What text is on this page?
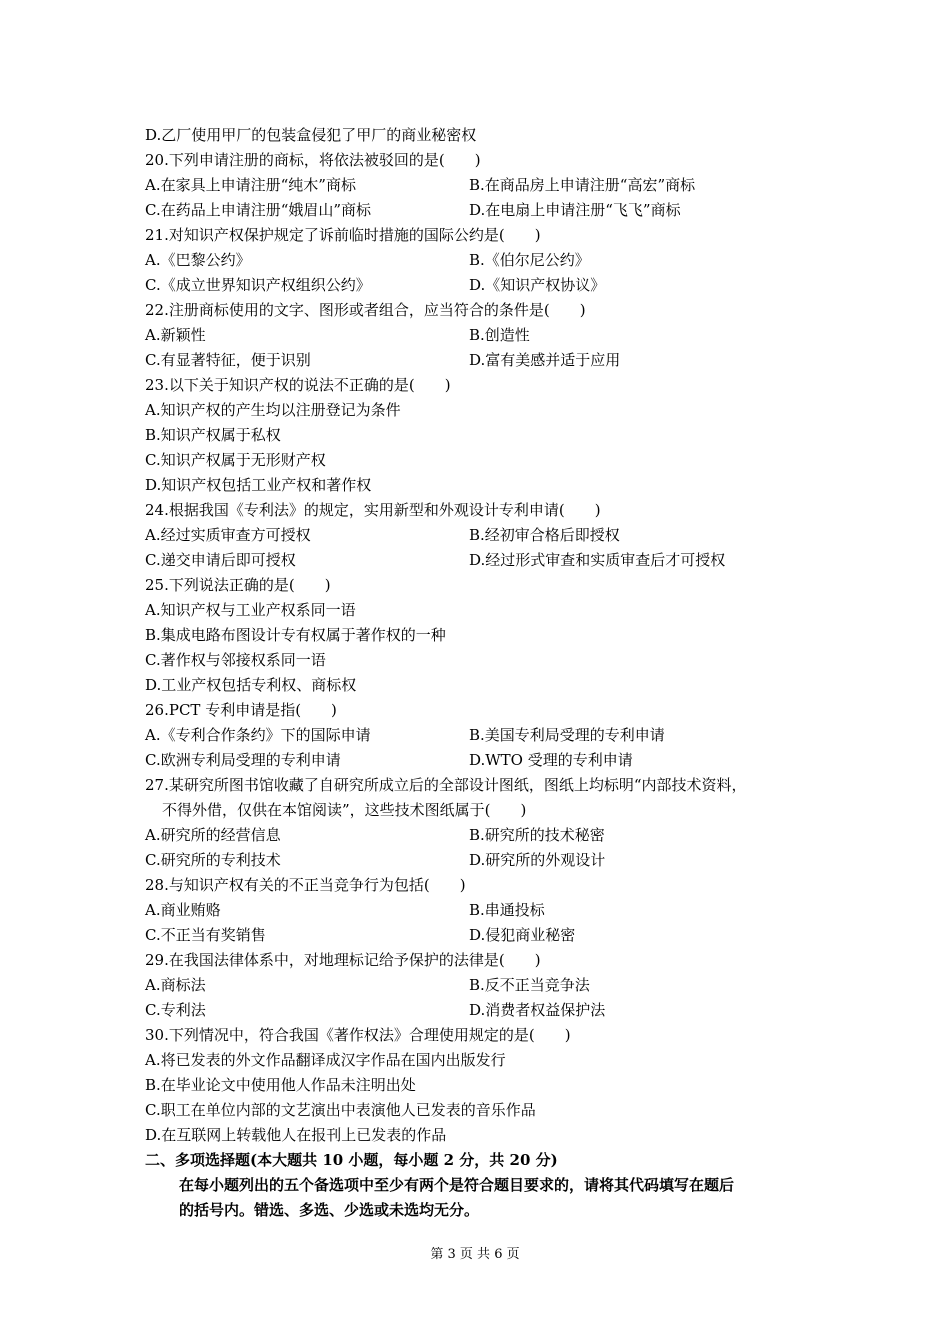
D.乙厂使用甲厂的包装盒侵犯了甲厂的商业秘密权
20.下列申请注册的商标，将依法被驳回的是(　　)
A.在家具上申请注册“纯木”商标	B.在商品房上申请注册“高宏”商标
C.在药品上申请注册“娥眉山”商标	D.在电扇上申请注册“飞飞”商标
21.对知识产权保护规定了诉前临时措施的国际公约是(　　)
A.《巴黎公约》	B.《伯尔尼公约》
C.《成立世界知识产权组织公约》	D.《知识产权协议》
22.注册商标使用的文字、图形或者组合，应当符合的条件是(　　)
A.新颖性	B.创造性
C.有显著特征，便于识别	D.富有美感并适于应用
23.以下关于知识产权的说法不正确的是(　　)
A.知识产权的产生均以注册登记为条件
B.知识产权属于私权
C.知识产权属于无形财产权
D.知识产权包括工业产权和著作权
24.根据我国《专利法》的规定，实用新型和外观设计专利申请(　　)
A.经过实质审查方可授权	B.经初审合格后即授权
C.递交申请后即可授权	D.经过形式审查和实质审查后才可授权
25.下列说法正确的是(　　)
A.知识产权与工业产权系同一语
B.集成电路布图设计专有权属于著作权的一种
C.著作权与邻接权系同一语
D.工业产权包括专利权、商标权
26.PCT 专利申请是指(　　)
A.《专利合作条约》下的国际申请	B.美国专利局受理的专利申请
C.欧洲专利局受理的专利申请	D.WTO 受理的专利申请
27.某研究所图书馆收藏了自研究所成立后的全部设计图纸，图纸上均标明“内部技术资料，
不得外借，仅供在本馆阅读”，这些技术图纸属于(　　)
A.研究所的经营信息	B.研究所的技术秘密
C.研究所的专利技术	D.研究所的外观设计
28.与知识产权有关的不正当竞争行为包括(　　)
A.商业贿赂	B.串通投标
C.不正当有奖销售	D.侵犯商业秘密
29.在我国法律体系中，对地理标记给予保护的法律是(　　)
A.商标法	B.反不正当竞争法
C.专利法	D.消费者权益保护法
30.下列情况中，符合我国《著作权法》合理使用规定的是(　　)
A.将已发表的外文作品翻译成汉字作品在国内出版发行
B.在毕业论文中使用他人作品未注明出处
C.职工在单位内部的文艺演出中表演他人已发表的音乐作品
D.在互联网上转载他人在报刊上已发表的作品
二、多项选择题(本大题共 10 小题，每小题 2 分，共 20 分)
在每小题列出的五个备选项中至少有两个是符合题目要求的，请将其代码填写在题后
的括号内。错选、多选、少选或未选均无分。
第 3 页 共 6 页
